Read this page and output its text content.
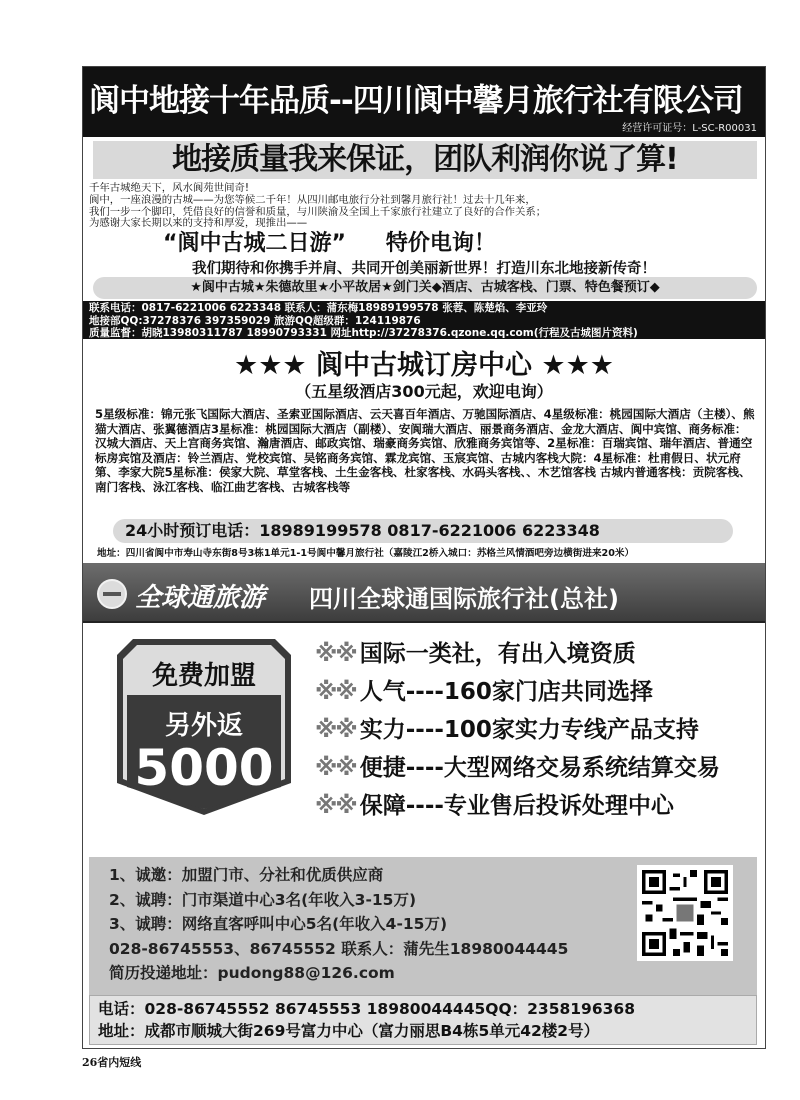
阆中地接十年品质--四川阆中馨月旅行社有限公司
经营许可证号：L-SC-R00031
地接质量我来保证，团队利润你说了算!
千年古城绝天下，风水阆苑世间奇!
阆中，一座浪漫的古城——为您等候二千年！从四川邮电旅行分社到馨月旅行社！过去十几年来，
我们一步一个脚印，凭借良好的信誉和质量，与川陕渝及全国上千家旅行社建立了良好的合作关系；
为感谢大家长期以来的支持和厚爱，现推出——
“阆中古城二日游” 特价电询！
我们期待和你携手并肩、共同开创美丽新世界！打造川东北地接新传奇！
★阆中古城★朱德故里★小平故居★剑门关◆酒店、古城客栈、门票、特色餐预订◆
联系电话：0817-6221006 6223348 联系人：蒲东梅18989199578 张蓉、陈楚焰、李亚玲
地接部QQ:37278376 397359029 旅游QQ超级群：124119876
质量监督：胡晓13980311787 18990793331 网址http://37278376.qzone.qq.com(行程及古城图片资料)
★★★ 阆中古城订房中心 ★★★
（五星级酒店300元起，欢迎电询）
5星级标准：锦元张飞国际大酒店、圣索亚国际酒店、云天喜百年酒店、万驰国际酒店、4星级标准：桃园国际大酒店（主楼）、熊猫大酒店、张翼德酒店3星标准：桃园国际大酒店（副楼）、安阆瑞大酒店、丽景商务酒店、金龙大酒店、阆中宾馆、商务标准：汉城大酒店、天上宫商务宾馆、瀚唐酒店、邮政宾馆、瑞豪商务宾馆、欣雅商务宾馆等、2星标准：百瑞宾馆、瑞年酒店、普通空标房宾馆及酒店：铃兰酒店、党校宾馆、吴铭商务宾馆、霖龙宾馆、玉宸宾馆、古城内客栈大院：4星标准：杜甫假日、状元府第、李家大院5星标准：侯家大院、草堂客栈、土生金客栈、杜家客栈、水码头客栈、、木艺馆客栈 古城内普通客栈：贡院客栈、南门客栈、泳江客栈、临江曲艺客栈、古城客栈等
24小时预订电话：18989199578 0817-6221006 6223348
地址：四川省阆中市寿山寺东街8号3栋1单元1-1号阆中馨月旅行社（嘉陵江2桥入城口：苏格兰风情酒吧旁边横街进来20米）
全球通旅游 四川全球通国际旅行社(总社)
免费加盟
另外返
5000
※※ 国际一类社，有出入境资质
※※ 人气----160家门店共同选择
※※ 实力----100家实力专线产品支持
※※ 便捷----大型网络交易系统结算交易
※※ 保障----专业售后投诉处理中心
1、诚邀：加盟门市、分社和优质供应商
2、诚聘：门市渠道中心3名(年收入3-15万)
3、诚聘：网络直客呼叫中心5名(年收入4-15万)
028-86745553、86745552 联系人：蒲先生18980044445
简历投递地址：pudong88@126.com
电话：028-86745552 86745553 18980044445QQ：2358196368
地址：成都市顺城大街269号富力中心（富力丽思B4栋5单元42楼2号）
26省内短线
